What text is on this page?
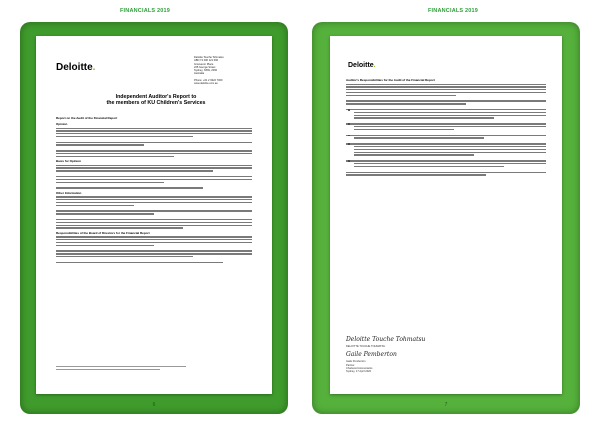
FINANCIALS 2019	FINANCIALS 2019
Deloitte.
Deloitte Touche Tohmatsu
ABN 74 490 121 060
Grosvenor Place
225 George Street
Sydney, NSW, 2000
Australia

Phone: +61 2 9322 7000
www.deloitte.com.au
Independent Auditor's Report to
the members of KU Children's Services
Report on the Audit of the Financial Report
Opinion
Basis for Opinion
Other Information
Responsibilities of the Board of Directors for the Financial Report
6
Deloitte.
Auditor's Responsibilities for the Audit of the Financial Report
Deloitte Touche Tohmatsu
DELOITTE TOUCHE TOHMATSU
Gaile Pemberton
Gaile Pemberton
Partner
Chartered Accountants
Sydney, 17 April 2020
7
